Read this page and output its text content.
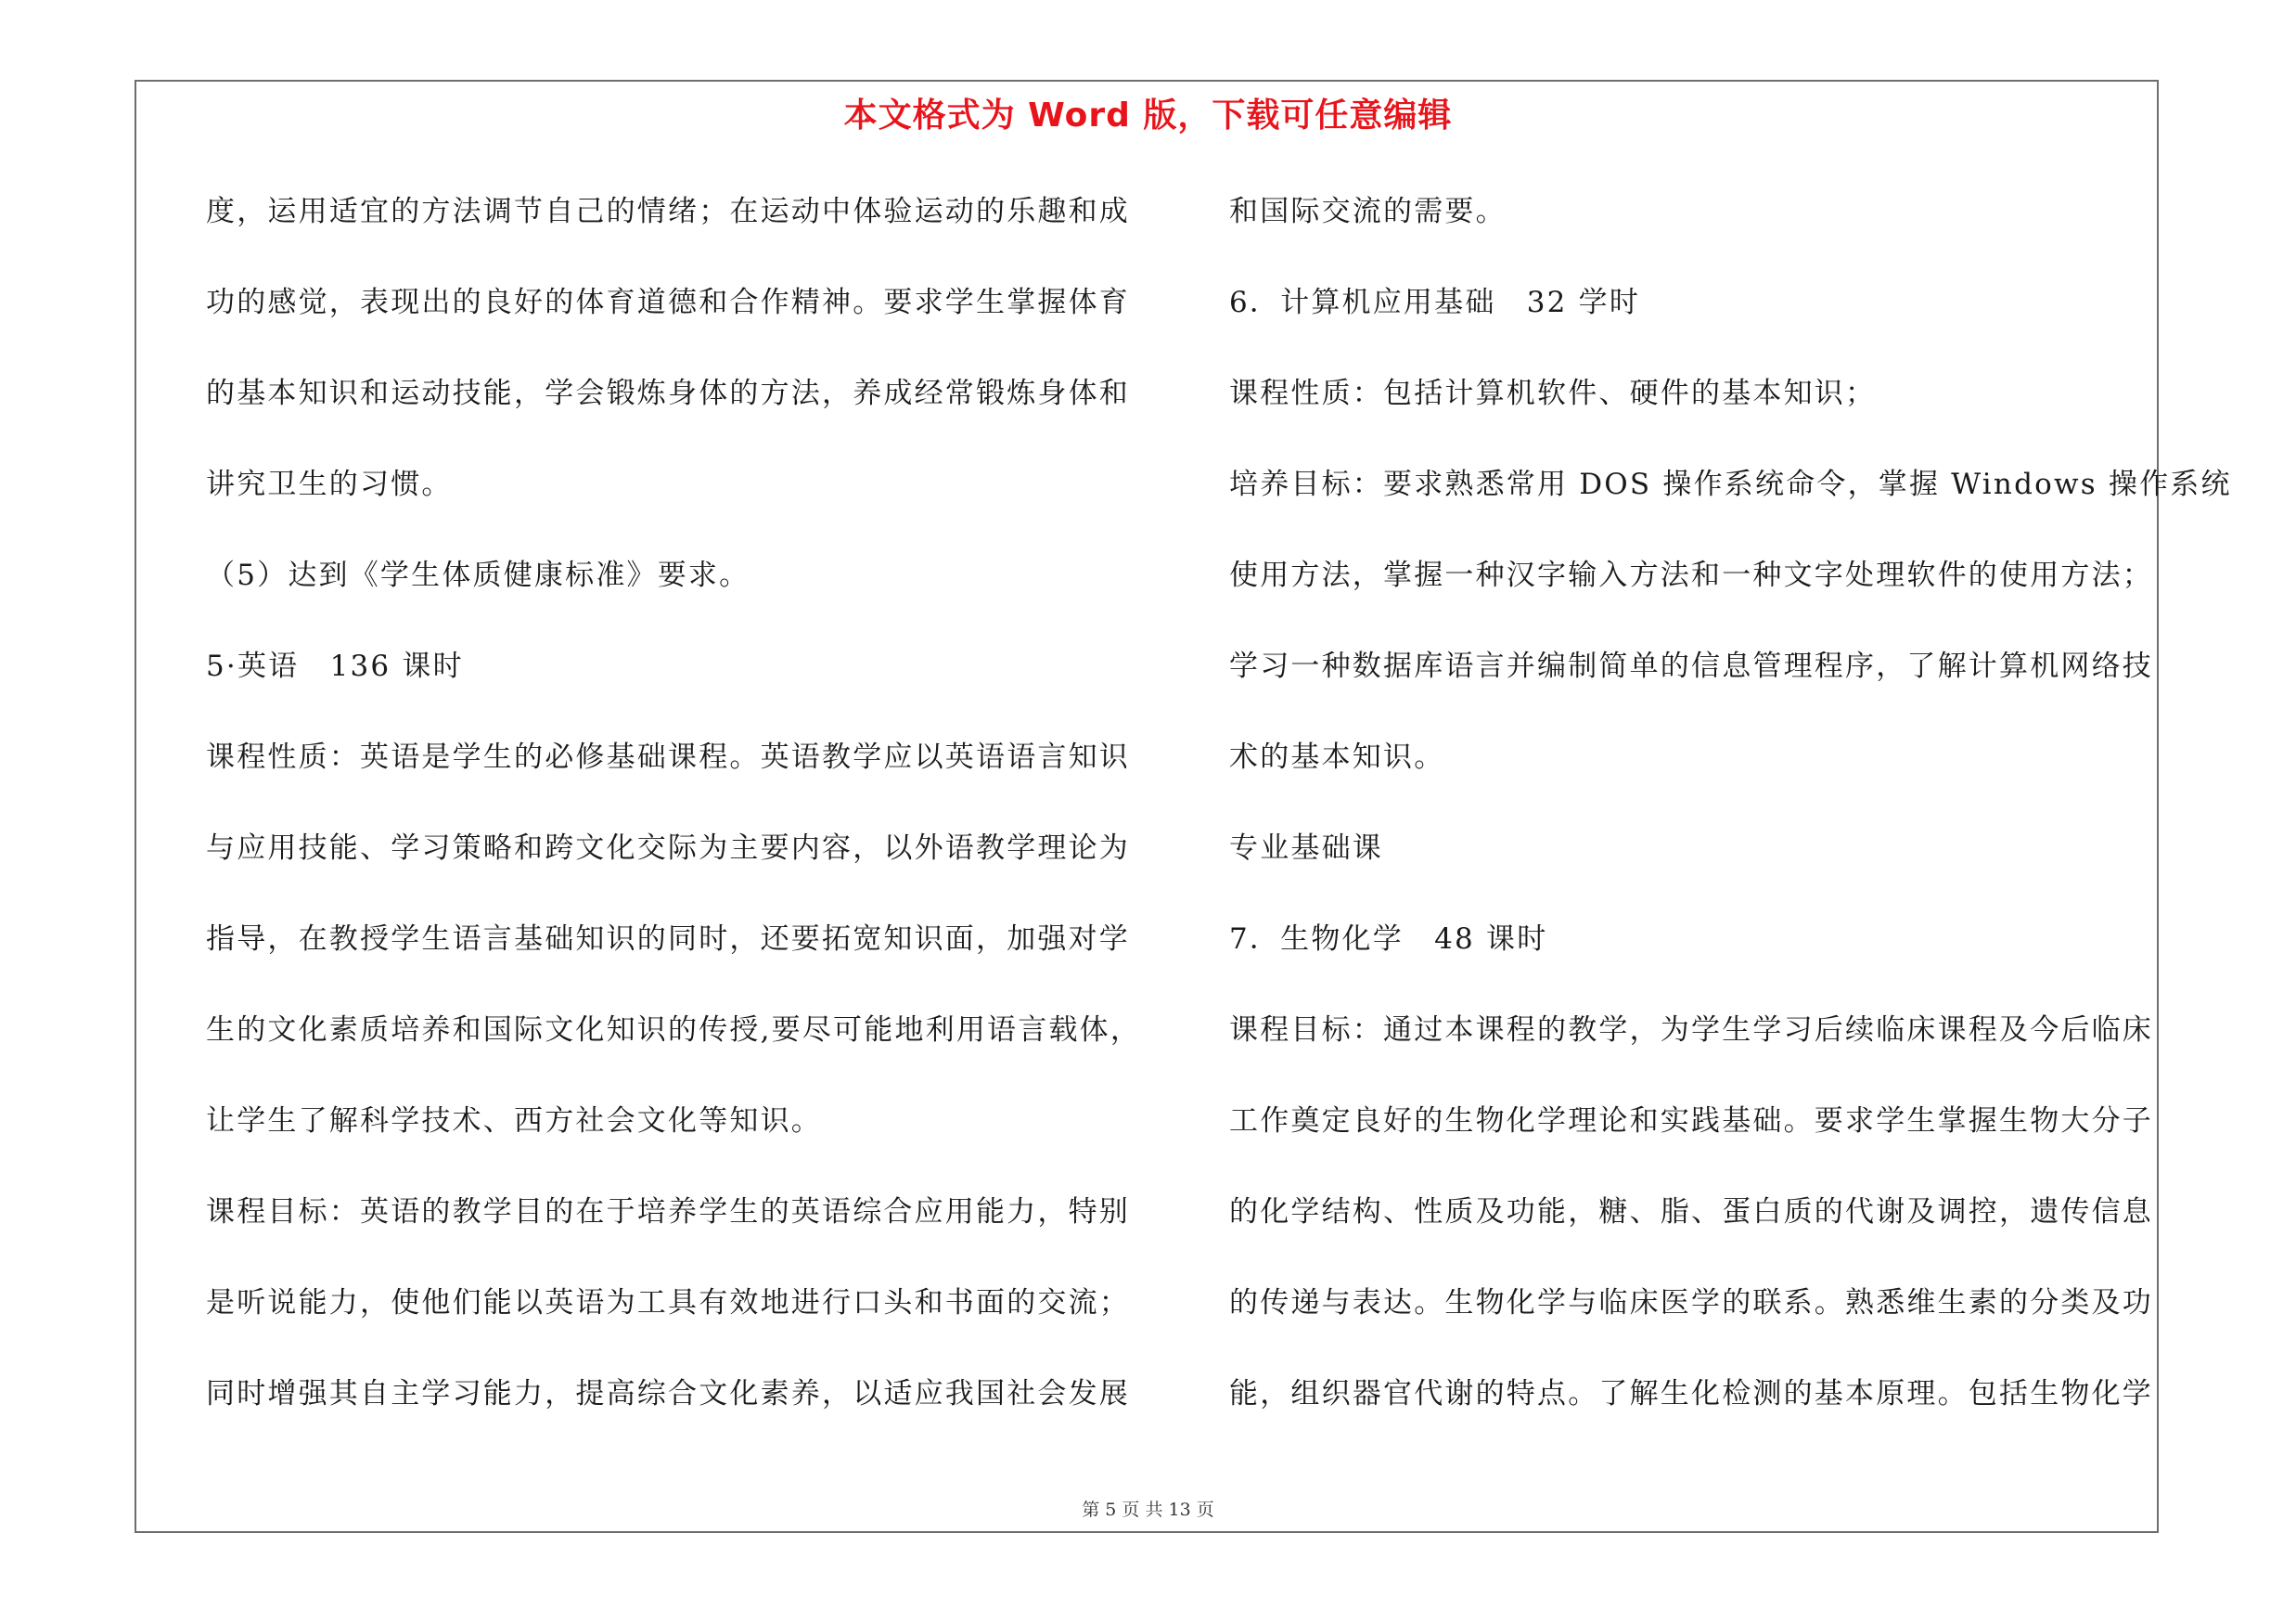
本文格式为 Word 版，下载可任意编辑
度，运用适宜的方法调节自己的情绪；在运动中体验运动的乐趣和成
功的感觉，表现出的良好的体育道德和合作精神。要求学生掌握体育
的基本知识和运动技能，学会锻炼身体的方法，养成经常锻炼身体和
讲究卫生的习惯。
（5）达到《学生体质健康标准》要求。
5·英语　136 课时
课程性质：英语是学生的必修基础课程。英语教学应以英语语言知识
与应用技能、学习策略和跨文化交际为主要内容，以外语教学理论为
指导，在教授学生语言基础知识的同时，还要拓宽知识面，加强对学
生的文化素质培养和国际文化知识的传授,要尽可能地利用语言载体，
让学生了解科学技术、西方社会文化等知识。
课程目标：英语的教学目的在于培养学生的英语综合应用能力，特别
是听说能力，使他们能以英语为工具有效地进行口头和书面的交流；
同时增强其自主学习能力，提高综合文化素养，以适应我国社会发展
和国际交流的需要。
6．计算机应用基础　32 学时
课程性质：包括计算机软件、硬件的基本知识；
培养目标：要求熟悉常用 DOS 操作系统命令，掌握 Windows 操作系统
使用方法，掌握一种汉字输入方法和一种文字处理软件的使用方法；
学习一种数据库语言并编制简单的信息管理程序，了解计算机网络技
术的基本知识。
专业基础课
7．生物化学　48 课时
课程目标：通过本课程的教学，为学生学习后续临床课程及今后临床
工作奠定良好的生物化学理论和实践基础。要求学生掌握生物大分子
的化学结构、性质及功能，糖、脂、蛋白质的代谢及调控，遗传信息
的传递与表达。生物化学与临床医学的联系。熟悉维生素的分类及功
能，组织器官代谢的特点。了解生化检测的基本原理。包括生物化学
第 5 页 共 13 页
